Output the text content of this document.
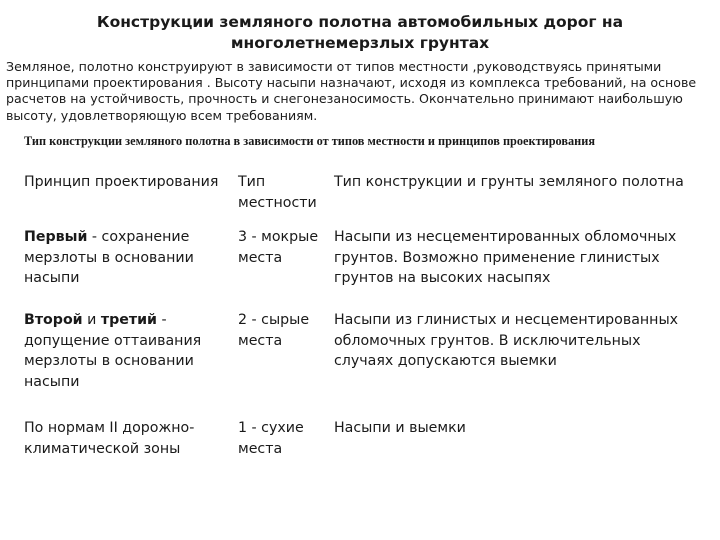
Конструкции земляного полотна автомобильных дорог на многолетнемерзлых грунтах
Земляное, полотно конструируют в зависимости от типов местности ,руководствуясь принятыми принципами проектирования . Высоту насыпи назначают, исходя из комплекса требований, на основе расчетов на устойчивость, прочность и снегонезаносимость. Окончательно принимают наибольшую высоту, удовлетворяющую всем требованиям.
Тип конструкции земляного полотна в зависимости от типов местности и принципов проектирования
Принцип проектирования	Тип местности
Тип конструкции и грунты земляного полотна
Первый - сохранение мерзлоты в основании насыпи
3 - мокрые места
Насыпи из несцементированных обломочных грунтов. Возможно применение глинистых грунтов на высоких насыпях
Второй и третий - допущение оттаивания мерзлоты в основании насыпи
2 - сырые места
Насыпи из глинистых и несцементированных обломочных грунтов. В исключительных случаях допускаются выемки
По нормам II дорожно-климатической зоны
1 - сухие места
Насыпи и выемки
